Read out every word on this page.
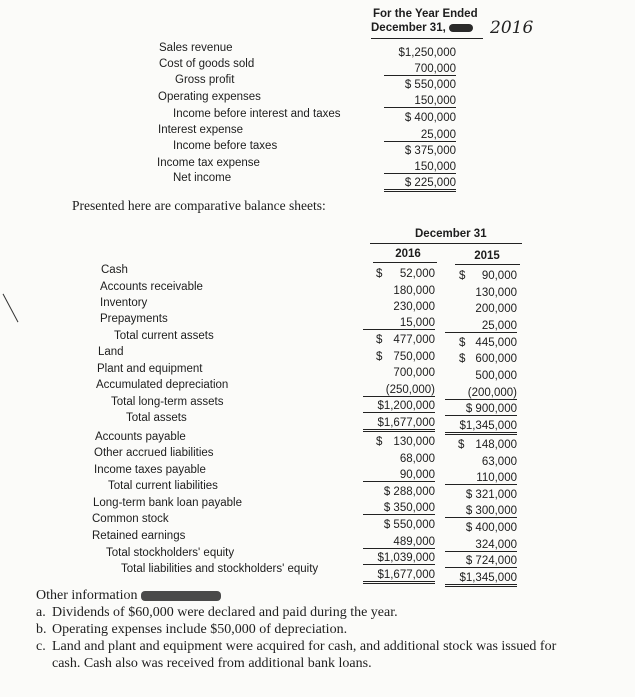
For the Year Ended
December 31,	2016
Sales revenue	$1,250,000
Cost of goods sold	700,000
Gross profit	$ 550,000
Operating expenses	150,000
Income before interest and taxes	$ 400,000
Interest expense	25,000
Income before taxes	$ 375,000
Income tax expense	150,000
Net income	$ 225,000
Presented here are comparative balance sheets:
December 31
2016	2015
Cash	$	52,000 $	90,000
Accounts receivable	180,000	130,000
Inventory	230,000	200,000
Prepayments	15,000	25,000
Total current assets	$ 477,000 $ 445,000
Land	$ 750,000 $ 600,000
Plant and equipment	700,000	500,000
Accumulated depreciation	(250,000)	(200,000)
Total long-term assets	$1,200,000	$ 900,000
Total assets	$1,677,000	$1,345,000
Accounts payable	$ 130,000 $ 148,000
Other accrued liabilities	68,000	63,000
Income taxes payable	90,000	110,000
Total current liabilities	$ 288,000	$ 321,000
Long-term bank loan payable	$ 350,000	$ 300,000
Common stock	$ 550,000	$ 400,000
Retained earnings	489,000	324,000
Total stockholders' equity	$1,039,000	$ 724,000
Total liabilities and stockholders' equity	$1,677,000	$1,345,000
Other information
a. Dividends of $60,000 were declared and paid during the year.
b. Operating expenses include $50,000 of depreciation.
c. Land and plant and equipment were acquired for cash, and additional stock was issued for
cash. Cash also was received from additional bank loans.
